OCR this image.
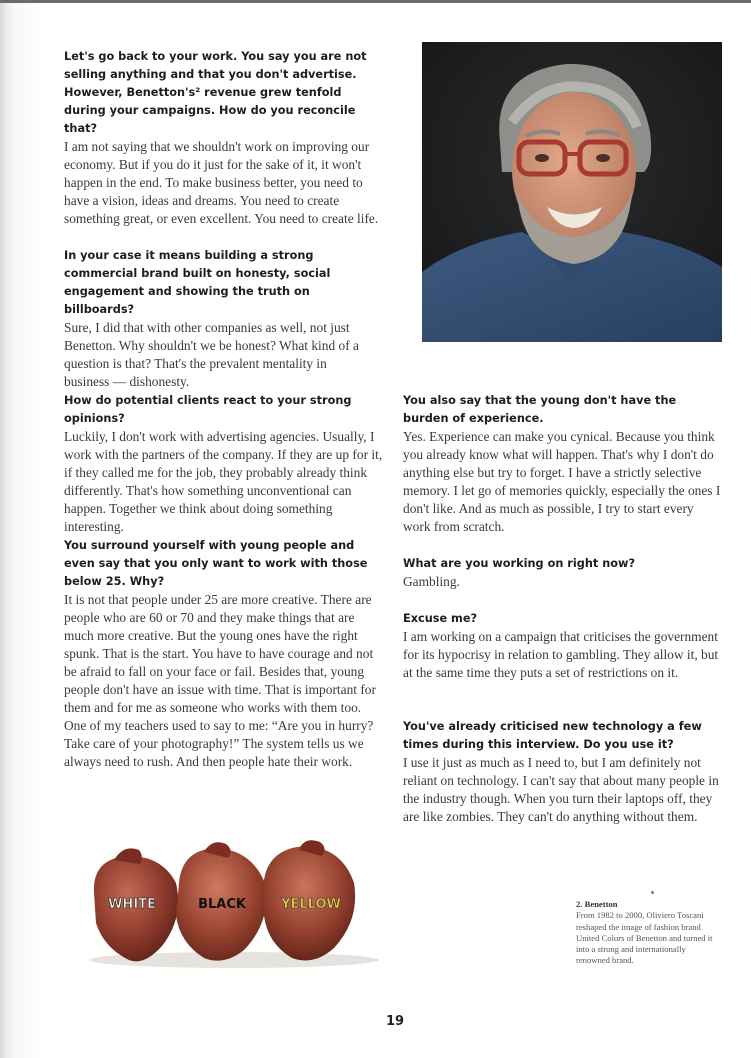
Let's go back to your work. You say you are not selling anything and that you don't advertise. However, Benetton's² revenue grew tenfold during your campaigns. How do you reconcile that?

I am not saying that we shouldn't work on improving our economy. But if you do it just for the sake of it, it won't happen in the end. To make business better, you need to have a vision, ideas and dreams. You need to create something great, or even excellent. You need to create life.

In your case it means building a strong commercial brand built on honesty, social engagement and showing the truth on billboards?

Sure, I did that with other companies as well, not just Benetton. Why shouldn't we be honest? What kind of a question is that? That's the prevalent mentality in business — dishonesty.

How do potential clients react to your strong opinions?

Luckily, I don't work with advertising agencies. Usually, I work with the partners of the company. If they are up for it, if they called me for the job, they probably already think differently. That's how something unconventional can happen. Together we think about doing something interesting.

You surround yourself with young people and even say that you only want to work with those below 25. Why?

It is not that people under 25 are more creative. There are people who are 60 or 70 and they make things that are much more creative. But the young ones have the right spunk. That is the start. You have to have courage and not be afraid to fall on your face or fail. Besides that, young people don't have an issue with time. That is important for them and for me as someone who works with them too. One of my teachers used to say to me: “Are you in hurry? Take care of your photography!” The system tells us we always need to rush. And then people hate their work.

You also say that the young don't have the burden of experience.

Yes. Experience can make you cynical. Because you think you already know what will happen. That's why I don't do anything else but try to forget. I have a strictly selective memory. I let go of memories quickly, especially the ones I don't like. And as much as possible, I try to start every work from scratch.

What are you working on right now?

Gambling.

Excuse me?

I am working on a campaign that criticises the government for its hypocrisy in relation to gambling. They allow it, but at the same time they puts a set of restrictions on it.

You've already criticised new technology a few times during this interview. Do you use it?

I use it just as much as I need to, but I am definitely not reliant on technology. I can't say that about many people in the industry though. When you turn their laptops off, they are like zombies. They can't do anything without them.

WHITE	BLACK	YELLOW	2. Benetton
From 1982 to 2000, Oliviero Toscani reshaped the image of fashion brand United Colors of Benetton and turned it into a strong and internationally renowned brand.
19
